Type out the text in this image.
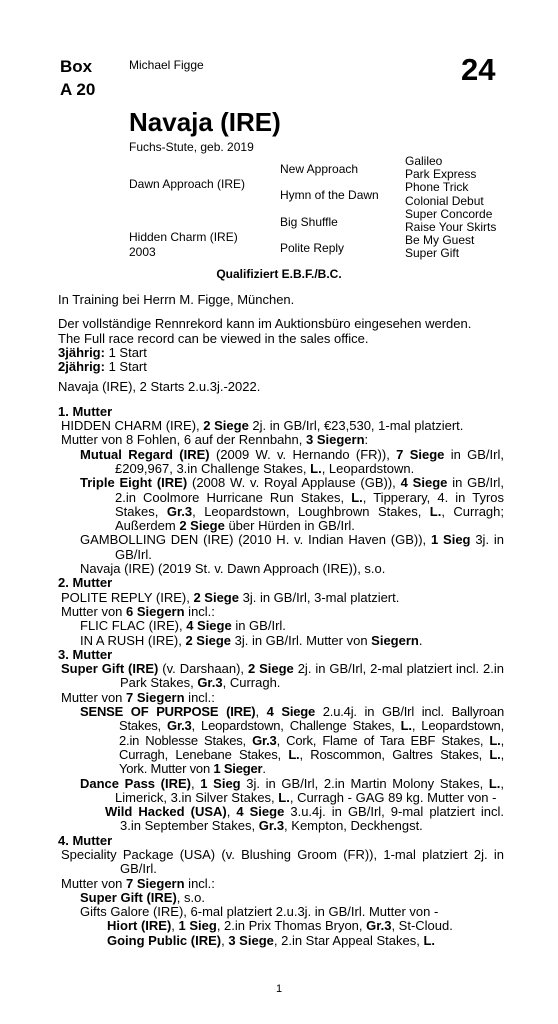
Box
A 20
Michael Figge	24
Navaja (IRE)
Fuchs-Stute, geb. 2019
Dawn Approach (IRE)
Hidden Charm (IRE)
2003
New Approach
Hymn of the Dawn
Big Shuffle
Polite Reply
Galileo
Park Express
Phone Trick
Colonial Debut
Super Concorde
Raise Your Skirts
Be My Guest
Super Gift
Qualifiziert E.B.F./B.C.

In Training bei Herrn M. Figge, München.

Der vollständige Rennrekord kann im Auktionsbüro eingesehen werden.

The Full race record can be viewed in the sales office.

3jährig: 1 Start

2jährig: 1 Start

Navaja (IRE), 2 Starts 2.u.3j.-2022.

1. Mutter

HIDDEN CHARM (IRE), 2 Siege 2j. in GB/Irl, €23,530, 1-mal platziert.

Mutter von 8 Fohlen, 6 auf der Rennbahn, 3 Siegern:

Mutual Regard (IRE) (2009 W. v. Hernando (FR)), 7 Siege in GB/Irl, £209,967, 3.in Challenge Stakes, L., Leopardstown.

Triple Eight (IRE) (2008 W. v. Royal Applause (GB)), 4 Siege in GB/Irl, 2.in Coolmore Hurricane Run Stakes, L., Tipperary, 4. in Tyros Stakes, Gr.3, Leopardstown, Loughbrown Stakes, L., Curragh; Außerdem 2 Siege über Hürden in GB/Irl.

GAMBOLLING DEN (IRE) (2010 H. v. Indian Haven (GB)), 1 Sieg 3j. in GB/Irl.

Navaja (IRE) (2019 St. v. Dawn Approach (IRE)), s.o.

2. Mutter

POLITE REPLY (IRE), 2 Siege 3j. in GB/Irl, 3-mal platziert.

Mutter von 6 Siegern incl.:

FLIC FLAC (IRE), 4 Siege in GB/Irl.

IN A RUSH (IRE), 2 Siege 3j. in GB/Irl. Mutter von Siegern.

3. Mutter

Super Gift (IRE) (v. Darshaan), 2 Siege 2j. in GB/Irl, 2-mal platziert incl. 2.in Park Stakes, Gr.3, Curragh.

Mutter von 7 Siegern incl.:

SENSE OF PURPOSE (IRE), 4 Siege 2.u.4j. in GB/Irl incl. Ballyroan Stakes, Gr.3, Leopardstown, Challenge Stakes, L., Leopardstown, 2.in Noblesse Stakes, Gr.3, Cork, Flame of Tara EBF Stakes, L., Curragh, Lenebane Stakes, L., Roscommon, Galtres Stakes, L., York. Mutter von 1 Sieger.

Dance Pass (IRE), 1 Sieg 3j. in GB/Irl, 2.in Martin Molony Stakes, L., Limerick, 3.in Silver Stakes, L., Curragh - GAG 89 kg. Mutter von -

Wild Hacked (USA), 4 Siege 3.u.4j. in GB/Irl, 9-mal platziert incl. 3.in September Stakes, Gr.3, Kempton, Deckhengst.

4. Mutter

Speciality Package (USA) (v. Blushing Groom (FR)), 1-mal platziert 2j. in GB/Irl.

Mutter von 7 Siegern incl.:

Super Gift (IRE), s.o.

Gifts Galore (IRE), 6-mal platziert 2.u.3j. in GB/Irl. Mutter von -

Hiort (IRE), 1 Sieg, 2.in Prix Thomas Bryon, Gr.3, St-Cloud.

Going Public (IRE), 3 Siege, 2.in Star Appeal Stakes, L.

1
